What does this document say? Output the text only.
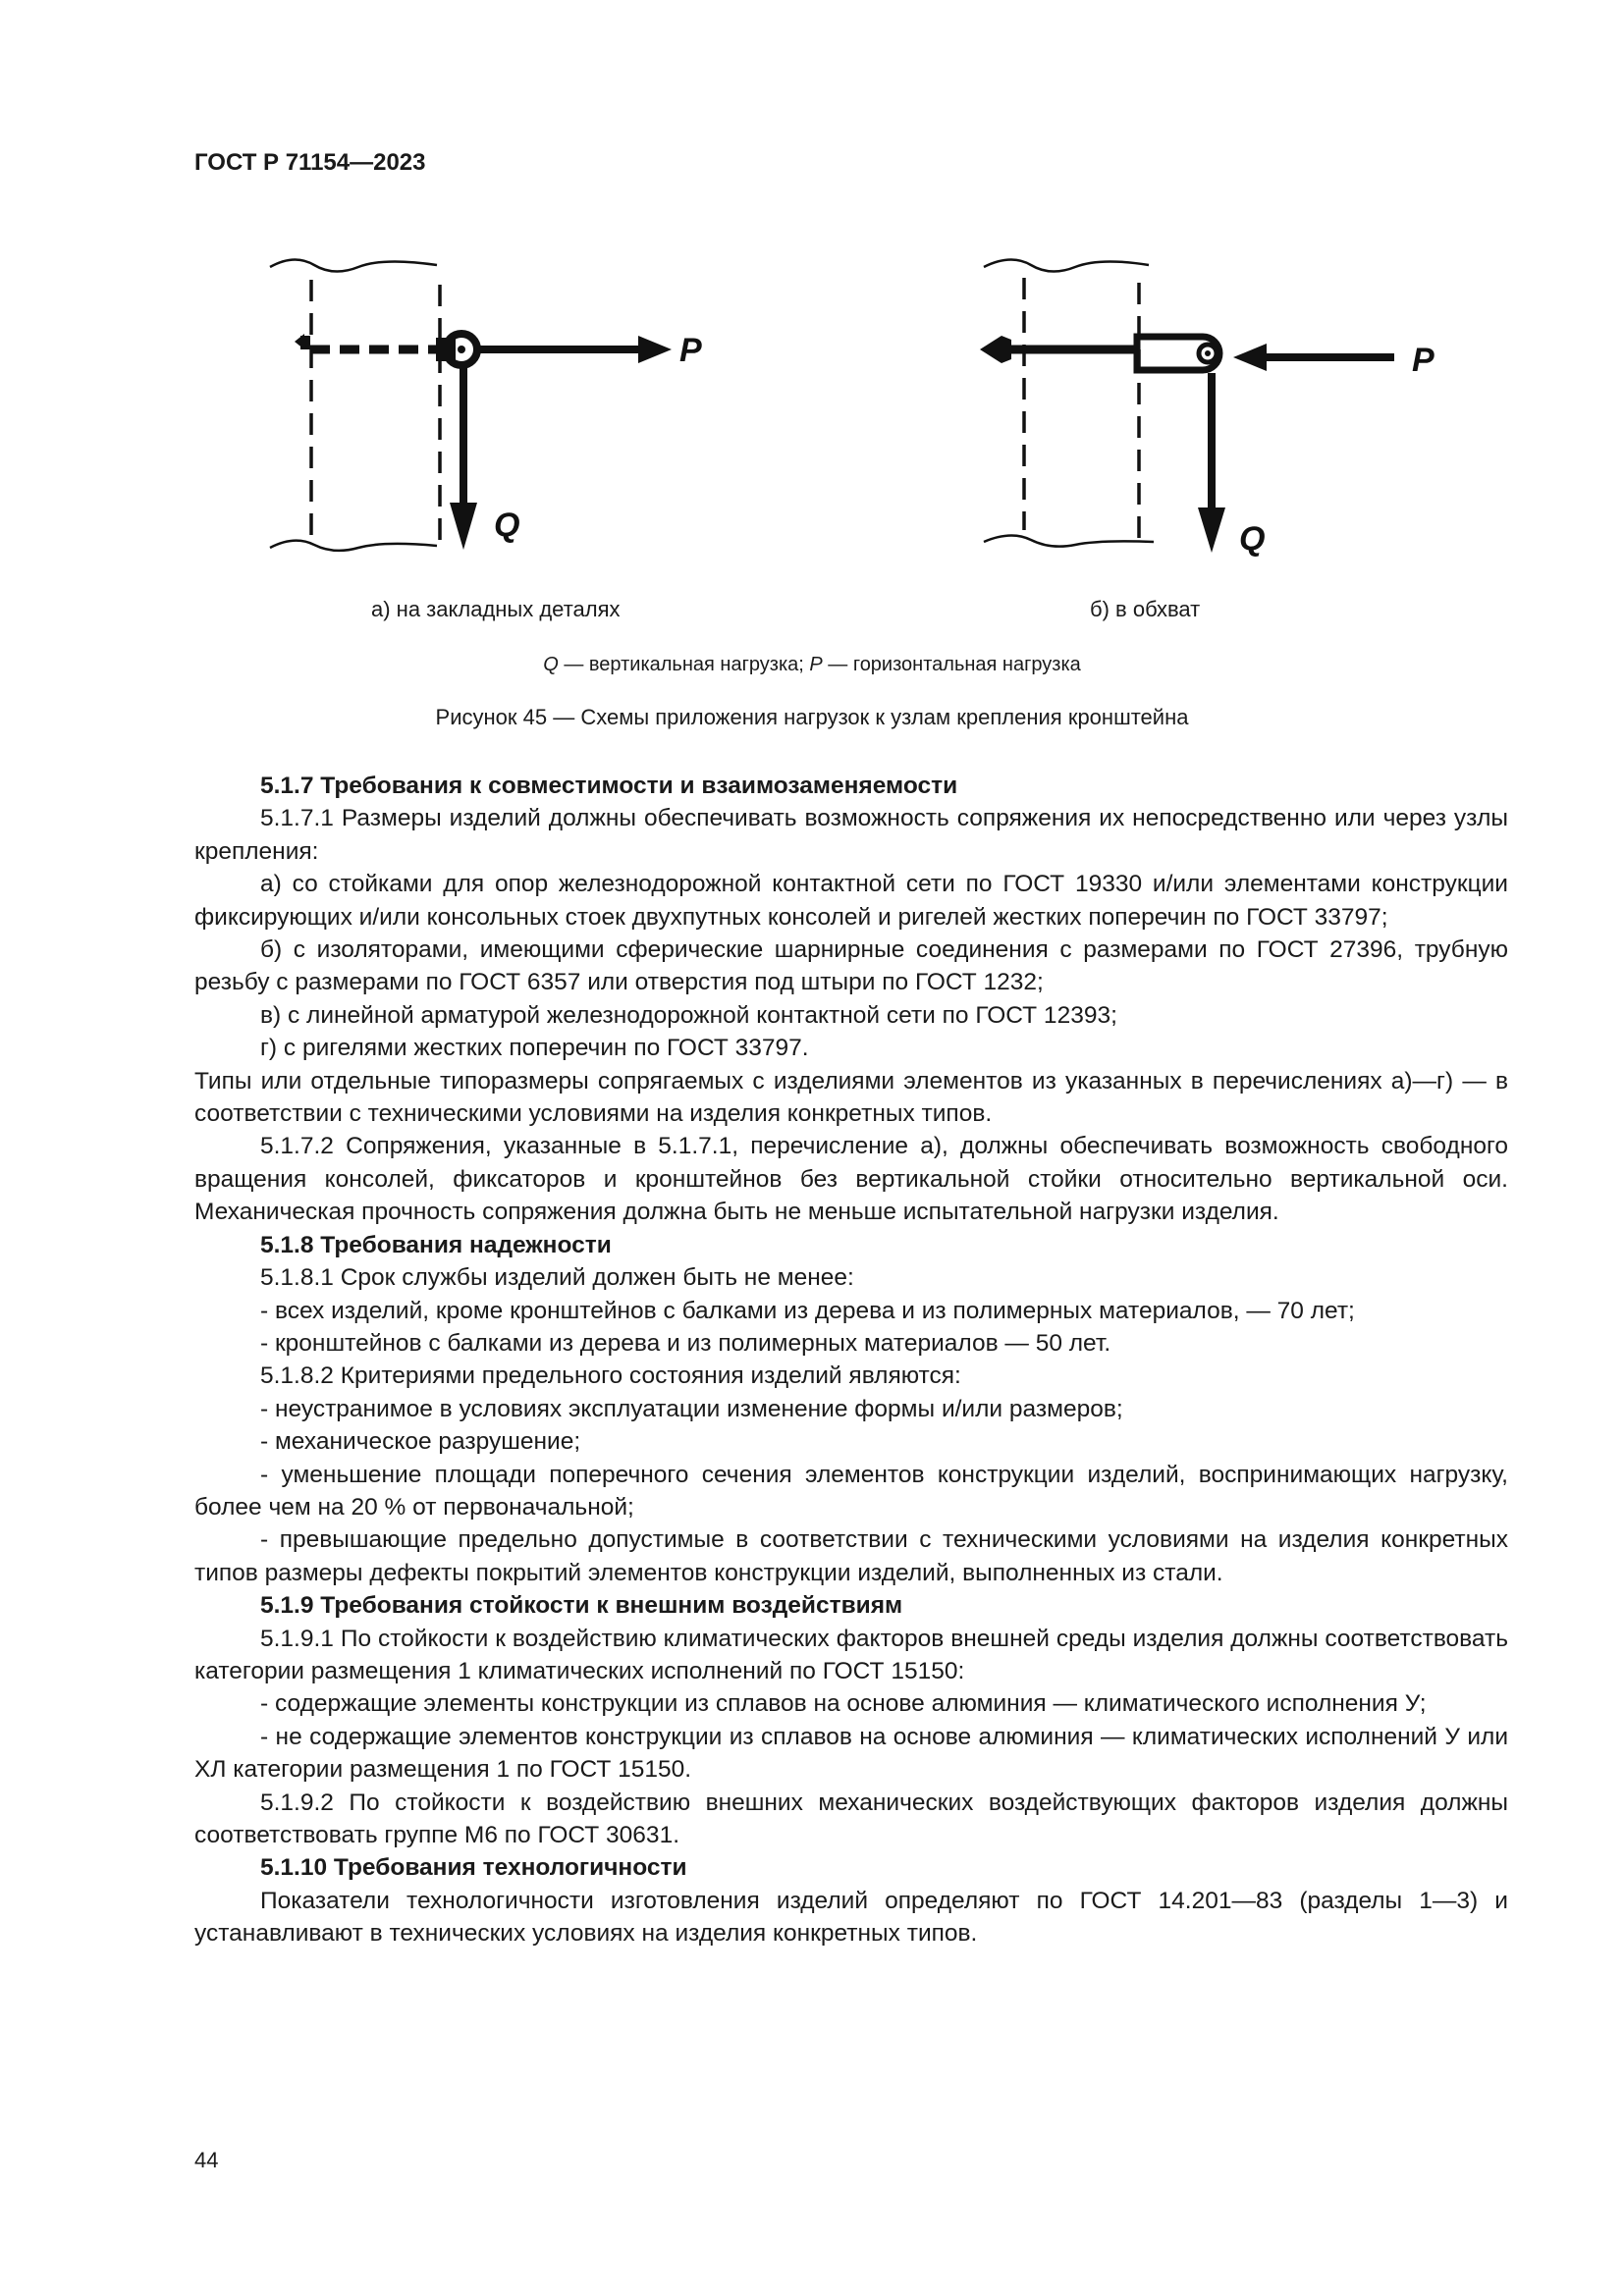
ГОСТ Р 71154—2023
P
Q
P
Q
а) на закладных деталях	б) в обхват
Q — вертикальная нагрузка; P — горизонтальная нагрузка
Рисунок 45 — Схемы приложения нагрузок к узлам крепления кронштейна
5.1.7 Требования к совместимости и взаимозаменяемости

5.1.7.1 Размеры изделий должны обеспечивать возможность сопряжения их непосредственно или через узлы крепления:

а) со стойками для опор железнодорожной контактной сети по ГОСТ 19330 и/или элементами конструкции фиксирующих и/или консольных стоек двухпутных консолей и ригелей жестких поперечин по ГОСТ 33797;

б) с изоляторами, имеющими сферические шарнирные соединения с размерами по ГОСТ 27396, трубную резьбу с размерами по ГОСТ 6357 или отверстия под штыри по ГОСТ 1232;

в) с линейной арматурой железнодорожной контактной сети по ГОСТ 12393;

г) с ригелями жестких поперечин по ГОСТ 33797.

Типы или отдельные типоразмеры сопрягаемых с изделиями элементов из указанных в перечислениях а)—г) — в соответствии с техническими условиями на изделия конкретных типов.

5.1.7.2 Сопряжения, указанные в 5.1.7.1, перечисление а), должны обеспечивать возможность свободного вращения консолей, фиксаторов и кронштейнов без вертикальной стойки относительно вертикальной оси. Механическая прочность сопряжения должна быть не меньше испытательной нагрузки изделия.

5.1.8 Требования надежности

5.1.8.1 Срок службы изделий должен быть не менее:

- всех изделий, кроме кронштейнов с балками из дерева и из полимерных материалов, — 70 лет;

- кронштейнов с балками из дерева и из полимерных материалов — 50 лет.

5.1.8.2 Критериями предельного состояния изделий являются:

- неустранимое в условиях эксплуатации изменение формы и/или размеров;

- механическое разрушение;

- уменьшение площади поперечного сечения элементов конструкции изделий, воспринимающих нагрузку, более чем на 20 % от первоначальной;

- превышающие предельно допустимые в соответствии с техническими условиями на изделия конкретных типов размеры дефекты покрытий элементов конструкции изделий, выполненных из стали.

5.1.9 Требования стойкости к внешним воздействиям

5.1.9.1 По стойкости к воздействию климатических факторов внешней среды изделия должны соответствовать категории размещения 1 климатических исполнений по ГОСТ 15150:

- содержащие элементы конструкции из сплавов на основе алюминия — климатического исполнения У;

- не содержащие элементов конструкции из сплавов на основе алюминия — климатических исполнений У или ХЛ категории размещения 1 по ГОСТ 15150.

5.1.9.2 По стойкости к воздействию внешних механических воздействующих факторов изделия должны соответствовать группе М6 по ГОСТ 30631.

5.1.10 Требования технологичности

Показатели технологичности изготовления изделий определяют по ГОСТ 14.201—83 (разделы 1—3) и устанавливают в технических условиях на изделия конкретных типов.

44
